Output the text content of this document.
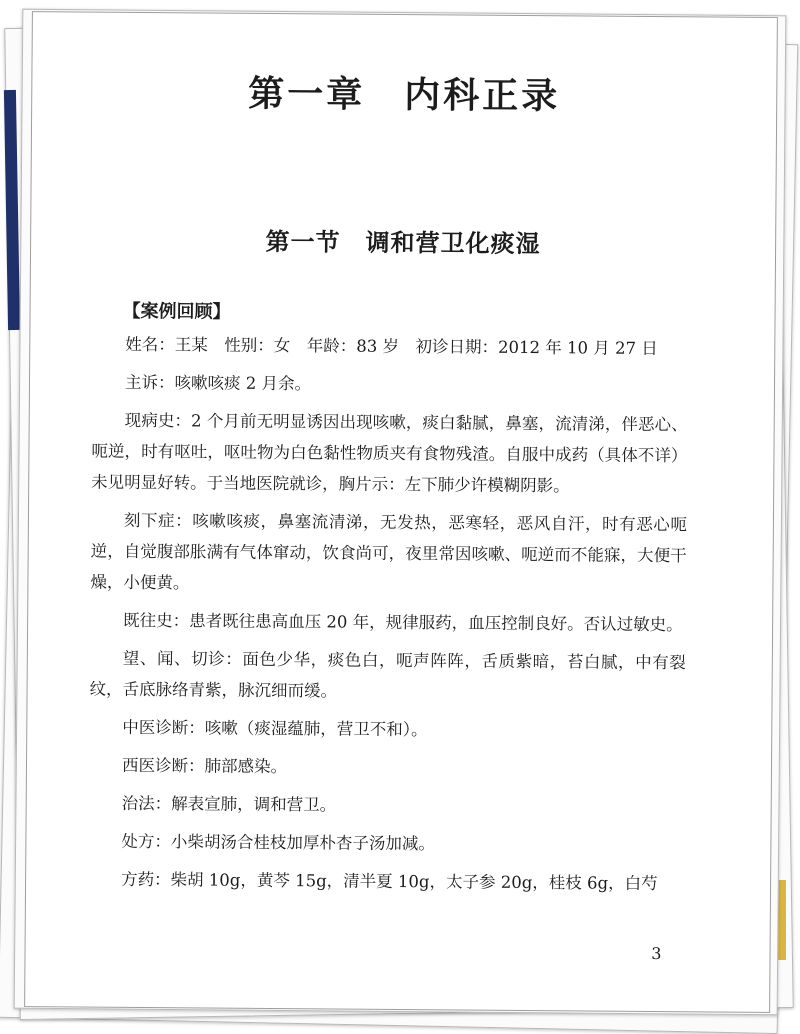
第一章　内科正录
第一节　调和营卫化痰湿
【案例回顾】

姓名：王某　性别：女　年龄：83 岁　初诊日期：2012 年 10 月 27 日

主诉：咳嗽咳痰 2 月余。

现病史：2 个月前无明显诱因出现咳嗽，痰白黏腻，鼻塞，流清涕，伴恶心、呃逆，时有呕吐，呕吐物为白色黏性物质夹有食物残渣。自服中成药（具体不详）未见明显好转。于当地医院就诊，胸片示：左下肺少许模糊阴影。

刻下症：咳嗽咳痰，鼻塞流清涕，无发热，恶寒轻，恶风自汗，时有恶心呃逆，自觉腹部胀满有气体窜动，饮食尚可，夜里常因咳嗽、呃逆而不能寐，大便干燥，小便黄。

既往史：患者既往患高血压 20 年，规律服药，血压控制良好。否认过敏史。

望、闻、切诊：面色少华，痰色白，呃声阵阵，舌质紫暗，苔白腻，中有裂纹，舌底脉络青紫，脉沉细而缓。

中医诊断：咳嗽（痰湿蕴肺，营卫不和）。

西医诊断：肺部感染。

治法：解表宣肺，调和营卫。

处方：小柴胡汤合桂枝加厚朴杏子汤加减。

方药：柴胡 10g，黄芩 15g，清半夏 10g，太子参 20g，桂枝 6g，白芍

3
